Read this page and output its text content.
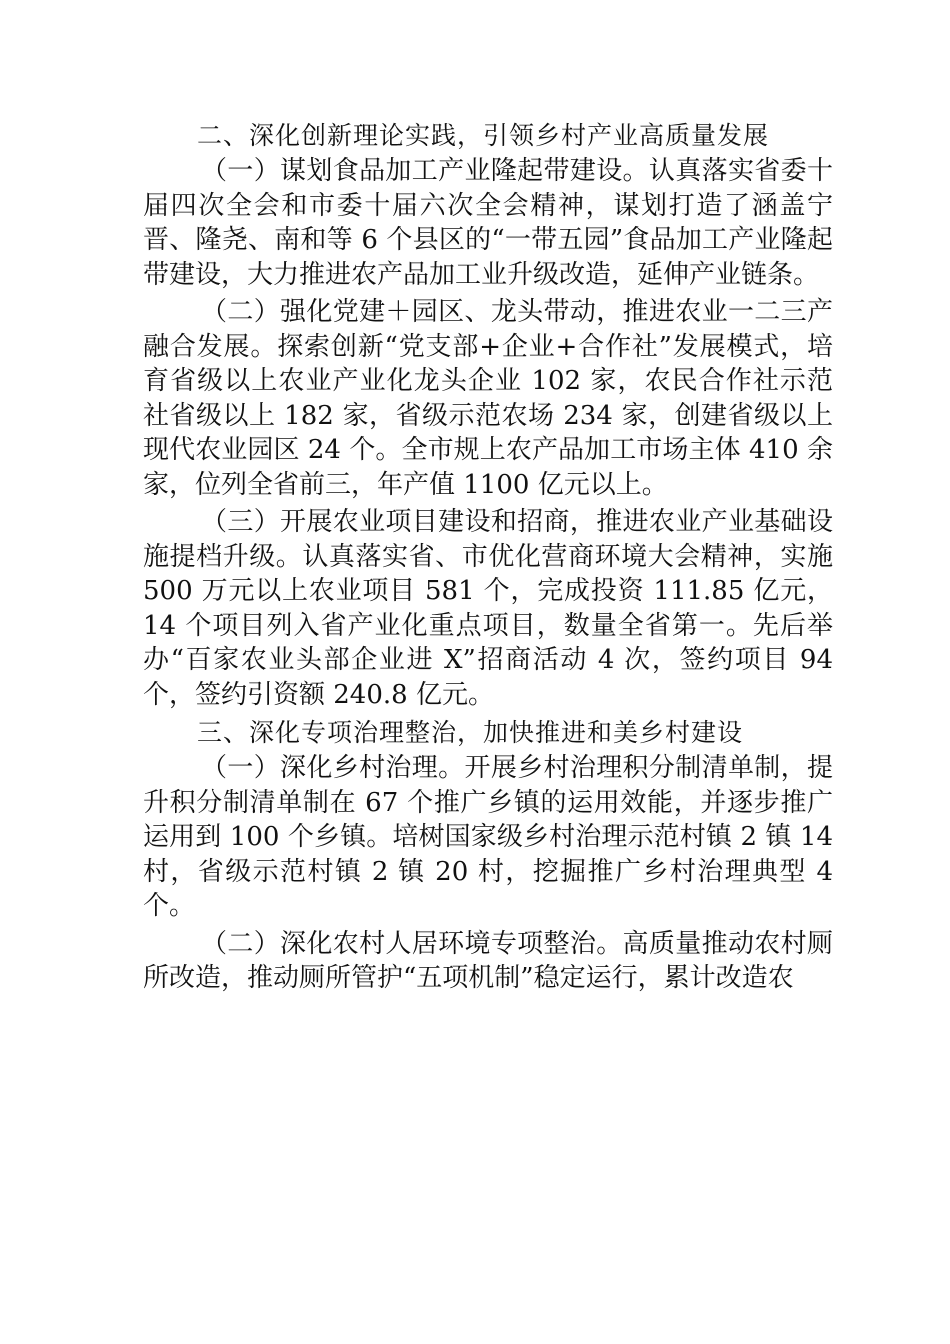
二、深化创新理论实践，引领乡村产业高质量发展

（一）谋划食品加工产业隆起带建设。认真落实省委十届四次全会和市委十届六次全会精神，谋划打造了涵盖宁晋、隆尧、南和等 6 个县区的“一带五园”食品加工产业隆起带建设，大力推进农产品加工业升级改造，延伸产业链条。

（二）强化党建＋园区、龙头带动，推进农业一二三产融合发展。探索创新“党支部+企业+合作社”发展模式，培育省级以上农业产业化龙头企业 102 家，农民合作社示范社省级以上 182 家，省级示范农场 234 家，创建省级以上现代农业园区 24 个。全市规上农产品加工市场主体 410 余家，位列全省前三，年产值 1100 亿元以上。

（三）开展农业项目建设和招商，推进农业产业基础设施提档升级。认真落实省、市优化营商环境大会精神，实施 500 万元以上农业项目 581 个，完成投资 111.85 亿元，14 个项目列入省产业化重点项目，数量全省第一。先后举办“百家农业头部企业进 X”招商活动 4 次，签约项目 94 个，签约引资额 240.8 亿元。

三、深化专项治理整治，加快推进和美乡村建设

（一）深化乡村治理。开展乡村治理积分制清单制，提升积分制清单制在 67 个推广乡镇的运用效能，并逐步推广运用到 100 个乡镇。培树国家级乡村治理示范村镇 2 镇 14 村，省级示范村镇 2 镇 20 村，挖掘推广乡村治理典型 4 个。

（二）深化农村人居环境专项整治。高质量推动农村厕所改造，推动厕所管护“五项机制”稳定运行，累计改造农
